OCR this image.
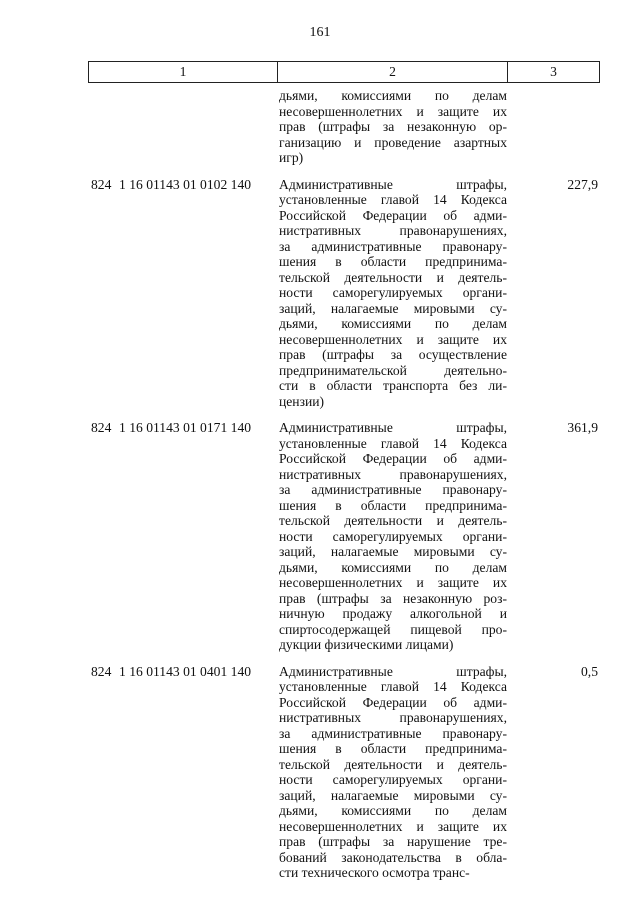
161
1	2	3
дьями, комиссиями по делам
несовершеннолетних и защите их
прав (штрафы за незаконную ор-
ганизацию и проведение азартных
игр)
824 1 16 01143 01 0102 140	Административные штрафы,
установленные главой 14 Кодекса
Российской Федерации об адми-
нистративных правонарушениях,
за административные правонару-
шения в области предпринима-
тельской деятельности и деятель-
ности саморегулируемых органи-
заций, налагаемые мировыми су-
дьями, комиссиями по делам
несовершеннолетних и защите их
прав (штрафы за осуществление
предпринимательской деятельно-
сти в области транспорта без ли-
цензии)
227,9
824 1 16 01143 01 0171 140	Административные штрафы,
установленные главой 14 Кодекса
Российской Федерации об адми-
нистративных правонарушениях,
за административные правонару-
шения в области предпринима-
тельской деятельности и деятель-
ности саморегулируемых органи-
заций, налагаемые мировыми су-
дьями, комиссиями по делам
несовершеннолетних и защите их
прав (штрафы за незаконную роз-
ничную продажу алкогольной и
спиртосодержащей пищевой про-
дукции физическими лицами)
361,9
824 1 16 01143 01 0401 140	Административные штрафы,
установленные главой 14 Кодекса
Российской Федерации об адми-
нистративных правонарушениях,
за административные правонару-
шения в области предпринима-
тельской деятельности и деятель-
ности саморегулируемых органи-
заций, налагаемые мировыми су-
дьями, комиссиями по делам
несовершеннолетних и защите их
прав (штрафы за нарушение тре-
бований законодательства в обла-
сти технического осмотра транс-
0,5
